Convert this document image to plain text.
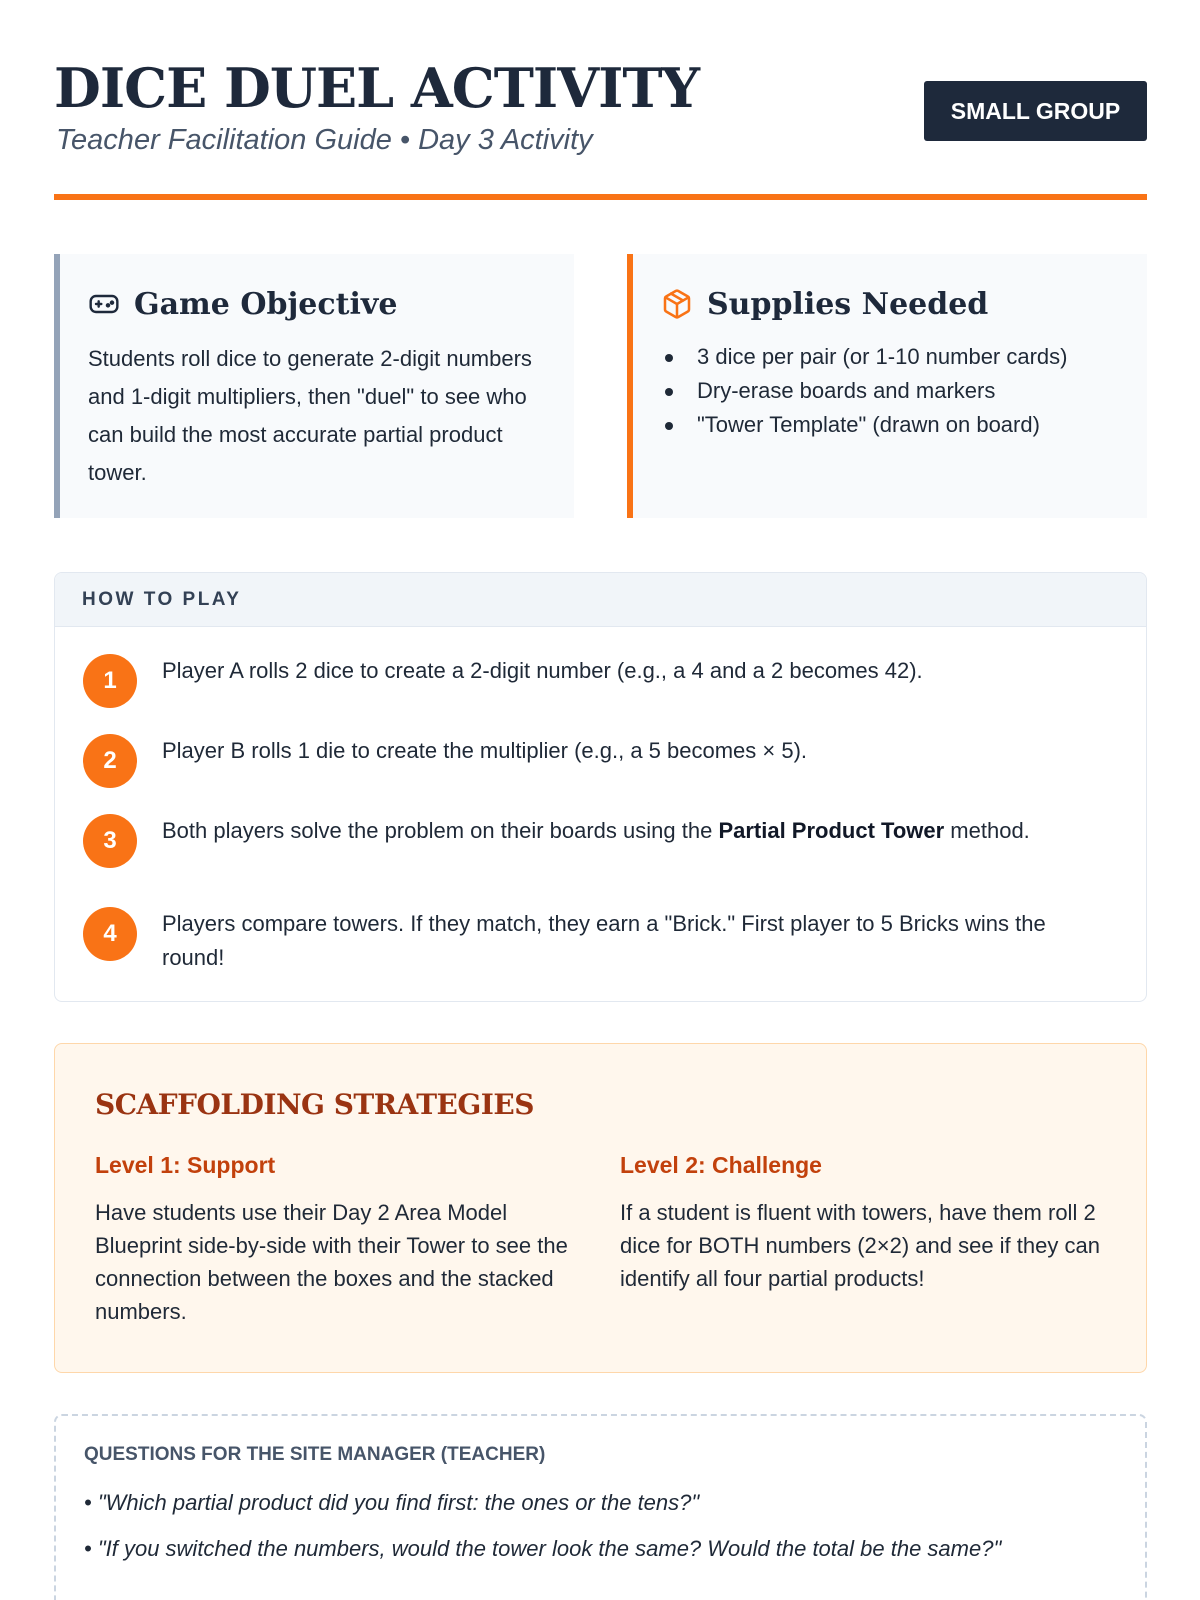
DICE DUEL ACTIVITY
Teacher Facilitation Guide • Day 3 Activity
SMALL GROUP
Game Objective

Students roll dice to generate 2-digit numbers and 1-digit multipliers, then "duel" to see who can build the most accurate partial product tower.

Supplies Needed
3 dice per pair (or 1-10 number cards)
Dry-erase boards and markers
"Tower Template" (drawn on board)
HOW TO PLAY
1	Player A rolls 2 dice to create a 2-digit number (e.g., a 4 and a 2 becomes 42).

2	Player B rolls 1 die to create the multiplier (e.g., a 5 becomes × 5).

3	Both players solve the problem on their boards using the Partial Product Tower method.

4	Players compare towers. If they match, they earn a "Brick." First player to 5 Bricks wins the round!

SCAFFOLDING STRATEGIES
Level 1: Support

Have students use their Day 2 Area Model Blueprint side-by-side with their Tower to see the connection between the boxes and the stacked numbers.

Level 2: Challenge

If a student is fluent with towers, have them roll 2 dice for BOTH numbers (2×2) and see if they can identify all four partial products!

QUESTIONS FOR THE SITE MANAGER (TEACHER)
• "Which partial product did you find first: the ones or the tens?"
• "If you switched the numbers, would the tower look the same? Would the total be the same?"
